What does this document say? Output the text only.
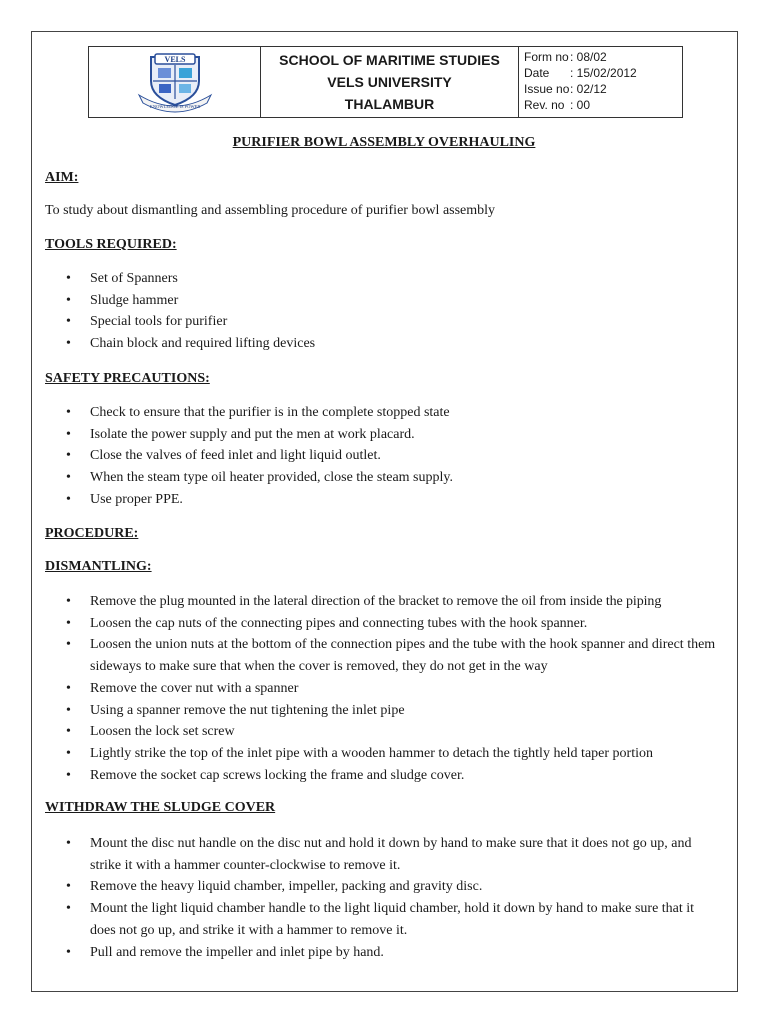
VELS
KNOWLEDGE IS POWER
SCHOOL OF MARITIME STUDIES
VELS UNIVERSITY
THALAMBUR
Form no : 08/02
Date	: 15/02/2012
Issue no : 02/12
Rev. no : 00
PURIFIER BOWL ASSEMBLY OVERHAULING
AIM:
To study about dismantling and assembling procedure of purifier bowl assembly
TOOLS REQUIRED:
• Set of Spanners
• Sludge hammer
• Special tools for purifier
• Chain block and required lifting devices
SAFETY PRECAUTIONS:
• Check to ensure that the purifier is in the complete stopped state
• Isolate the power supply and put the men at work placard.
• Close the valves of feed inlet and light liquid outlet.
• When the steam type oil heater provided, close the steam supply.
• Use proper PPE.
PROCEDURE:
DISMANTLING:
• Remove the plug mounted in the lateral direction of the bracket to remove the oil from inside the piping
• Loosen the cap nuts of the connecting pipes and connecting tubes with the hook spanner.
• Loosen the union nuts at the bottom of the connection pipes and the tube with the hook spanner and direct them sideways to make sure that when the cover is removed, they do not get in the way
• Remove the cover nut with a spanner
• Using a spanner remove the nut tightening the inlet pipe
• Loosen the lock set screw
• Lightly strike the top of the inlet pipe with a wooden hammer to detach the tightly held taper portion
• Remove the socket cap screws locking the frame and sludge cover.
WITHDRAW THE SLUDGE COVER
• Mount the disc nut handle on the disc nut and hold it down by hand to make sure that it does not go up, and strike it with a hammer counter-clockwise to remove it.
• Remove the heavy liquid chamber, impeller, packing and gravity disc.
• Mount the light liquid chamber handle to the light liquid chamber, hold it down by hand to make sure that it does not go up, and strike it with a hammer to remove it.
• Pull and remove the impeller and inlet pipe by hand.
